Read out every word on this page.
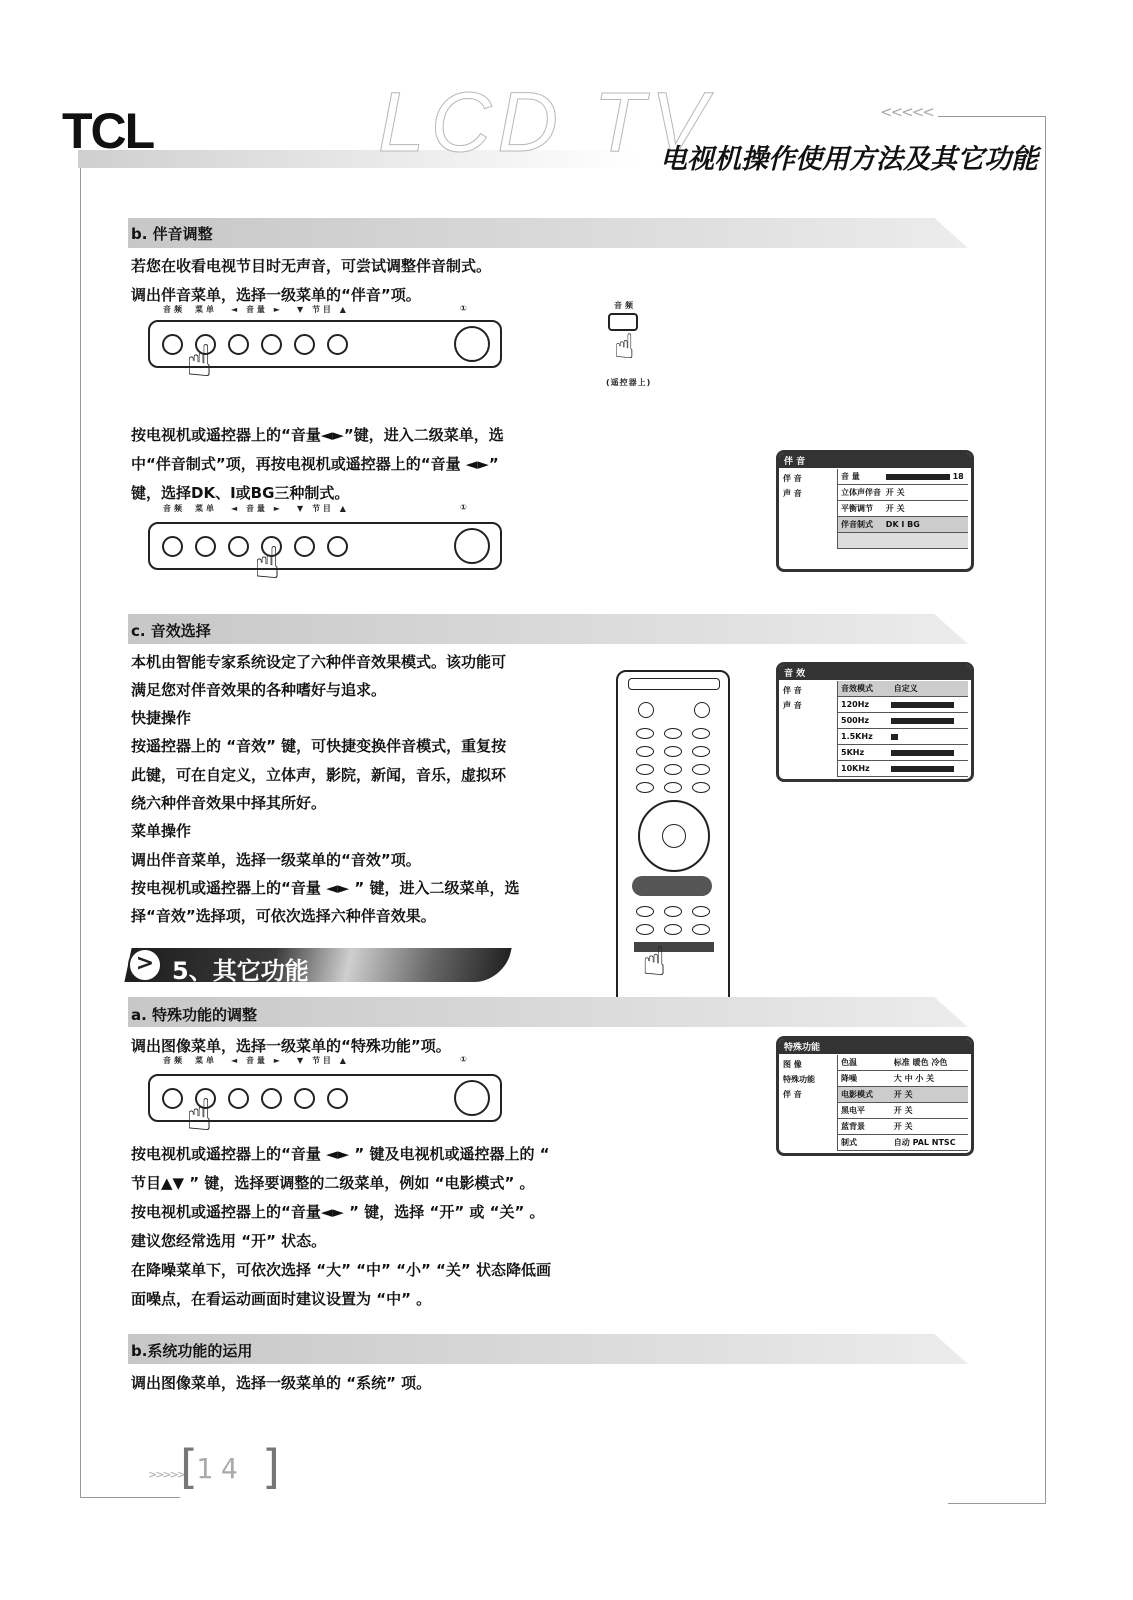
LCD TV
TCL	<<<<<
电视机操作使用方法及其它功能
b. 伴音调整
若您在收看电视节目时无声音，可尝试调整伴音制式。
调出伴音菜单，选择一级菜单的“伴音”项。
音频 菜单 ◄ 音量 ► ▼ 节目 ▲	①
☝
音频
☝
(遥控器上)
按电视机或遥控器上的“音量◄►”键，进入二级菜单，选
中“伴音制式”项，再按电视机或遥控器上的“音量 ◄►”
键，选择DK、I或BG三种制式。
音频 菜单 ◄ 音量 ► ▼ 节目 ▲	①
☝
伴 音
伴 音
声 音
音 量	18
立体声伴音 开 关
平衡调节 开 关
伴音制式 DK I BG
c. 音效选择
本机由智能专家系统设定了六种伴音效果模式。该功能可
满足您对伴音效果的各种嗜好与追求。
快捷操作
按遥控器上的 “音效” 键，可快捷变换伴音模式，重复按
此键，可在自定义，立体声，影院，新闻，音乐，虚拟环
绕六种伴音效果中择其所好。
菜单操作
调出伴音菜单，选择一级菜单的“音效”项。
按电视机或遥控器上的“音量 ◄► ” 键，进入二级菜单，选
择“音效”选择项，可依次选择六种伴音效果。
☝
音 效
伴 音
声 音
音效模式	自定义
120Hz
500Hz
1.5KHz
5KHz
10KHz
> 5、其它功能
a. 特殊功能的调整
调出图像菜单，选择一级菜单的“特殊功能”项。
音频 菜单 ◄ 音量 ► ▼ 节目 ▲	①
☝
特殊功能
图 像
特殊功能
伴 音
色温	标准 暖色 冷色
降噪	大 中 小 关
电影模式	开 关
黑电平	开 关
蓝背景	开 关
制式	自动 PAL NTSC
按电视机或遥控器上的“音量 ◄► ” 键及电视机或遥控器上的 “
节目▲▼ ” 键，选择要调整的二级菜单，例如 “电影模式” 。
按电视机或遥控器上的“音量◄► ” 键，选择 “开” 或 “关” 。
建议您经常选用 “开” 状态。
在降噪菜单下，可依次选择 “大” “中” “小” “关” 状态降低画
面噪点，在看运动画面时建议设置为 “中” 。
b.系统功能的运用
调出图像菜单，选择一级菜单的 “系统” 项。
>>>>>
[
14 ]
